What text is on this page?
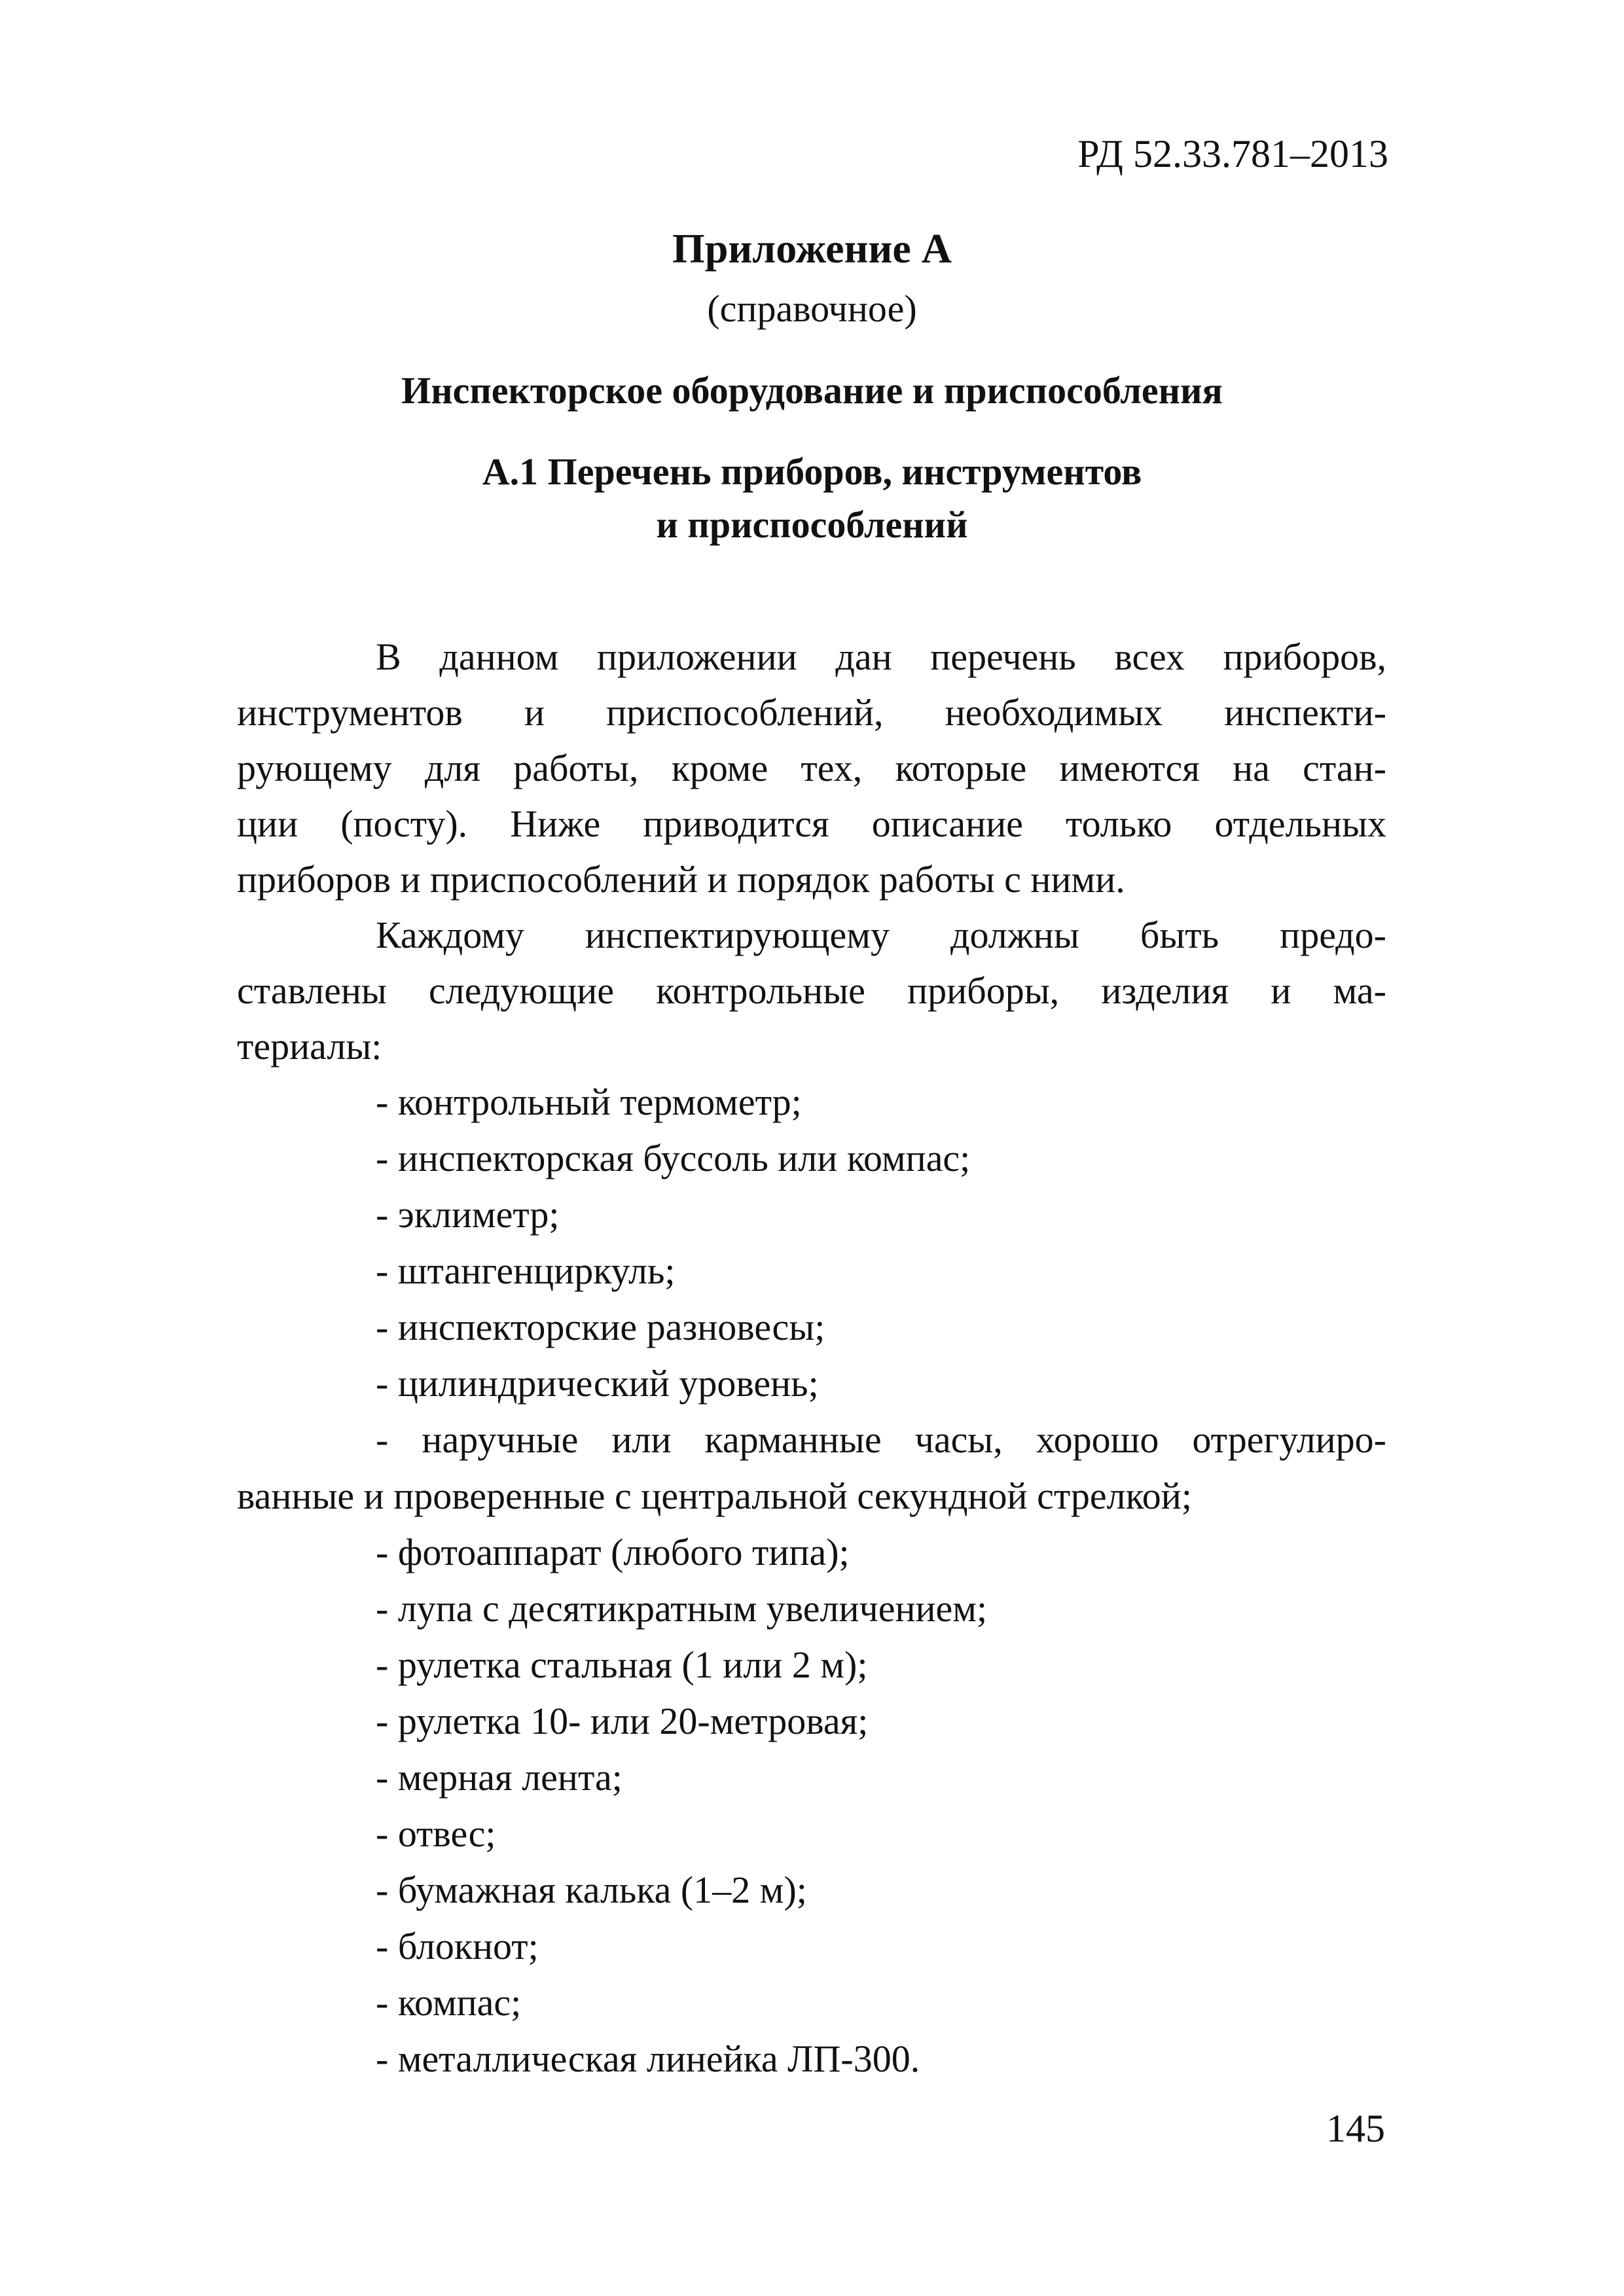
РД 52.33.781–2013
Приложение А
(справочное)
Инспекторское оборудование и приспособления
А.1 Перечень приборов, инструментов
и приспособлений
В данном приложении дан перечень всех приборов,
инструментов и приспособлений, необходимых инспекти-
рующему для работы, кроме тех, которые имеются на стан-
ции (посту). Ниже приводится описание только отдельных
приборов и приспособлений и порядок работы с ними.
Каждому инспектирующему должны быть предо-
ставлены следующие контрольные приборы, изделия и ма-
териалы:
- контрольный термометр;
- инспекторская буссоль или компас;
- эклиметр;
- штангенциркуль;
- инспекторские разновесы;
- цилиндрический уровень;
- наручные или карманные часы, хорошо отрегулиро-
ванные и проверенные с центральной секундной стрелкой;
- фотоаппарат (любого типа);
- лупа с десятикратным увеличением;
- рулетка стальная (1 или 2 м);
- рулетка 10- или 20-метровая;
- мерная лента;
- отвес;
- бумажная калька (1–2 м);
- блокнот;
- компас;
- металлическая линейка ЛП-300.
145
